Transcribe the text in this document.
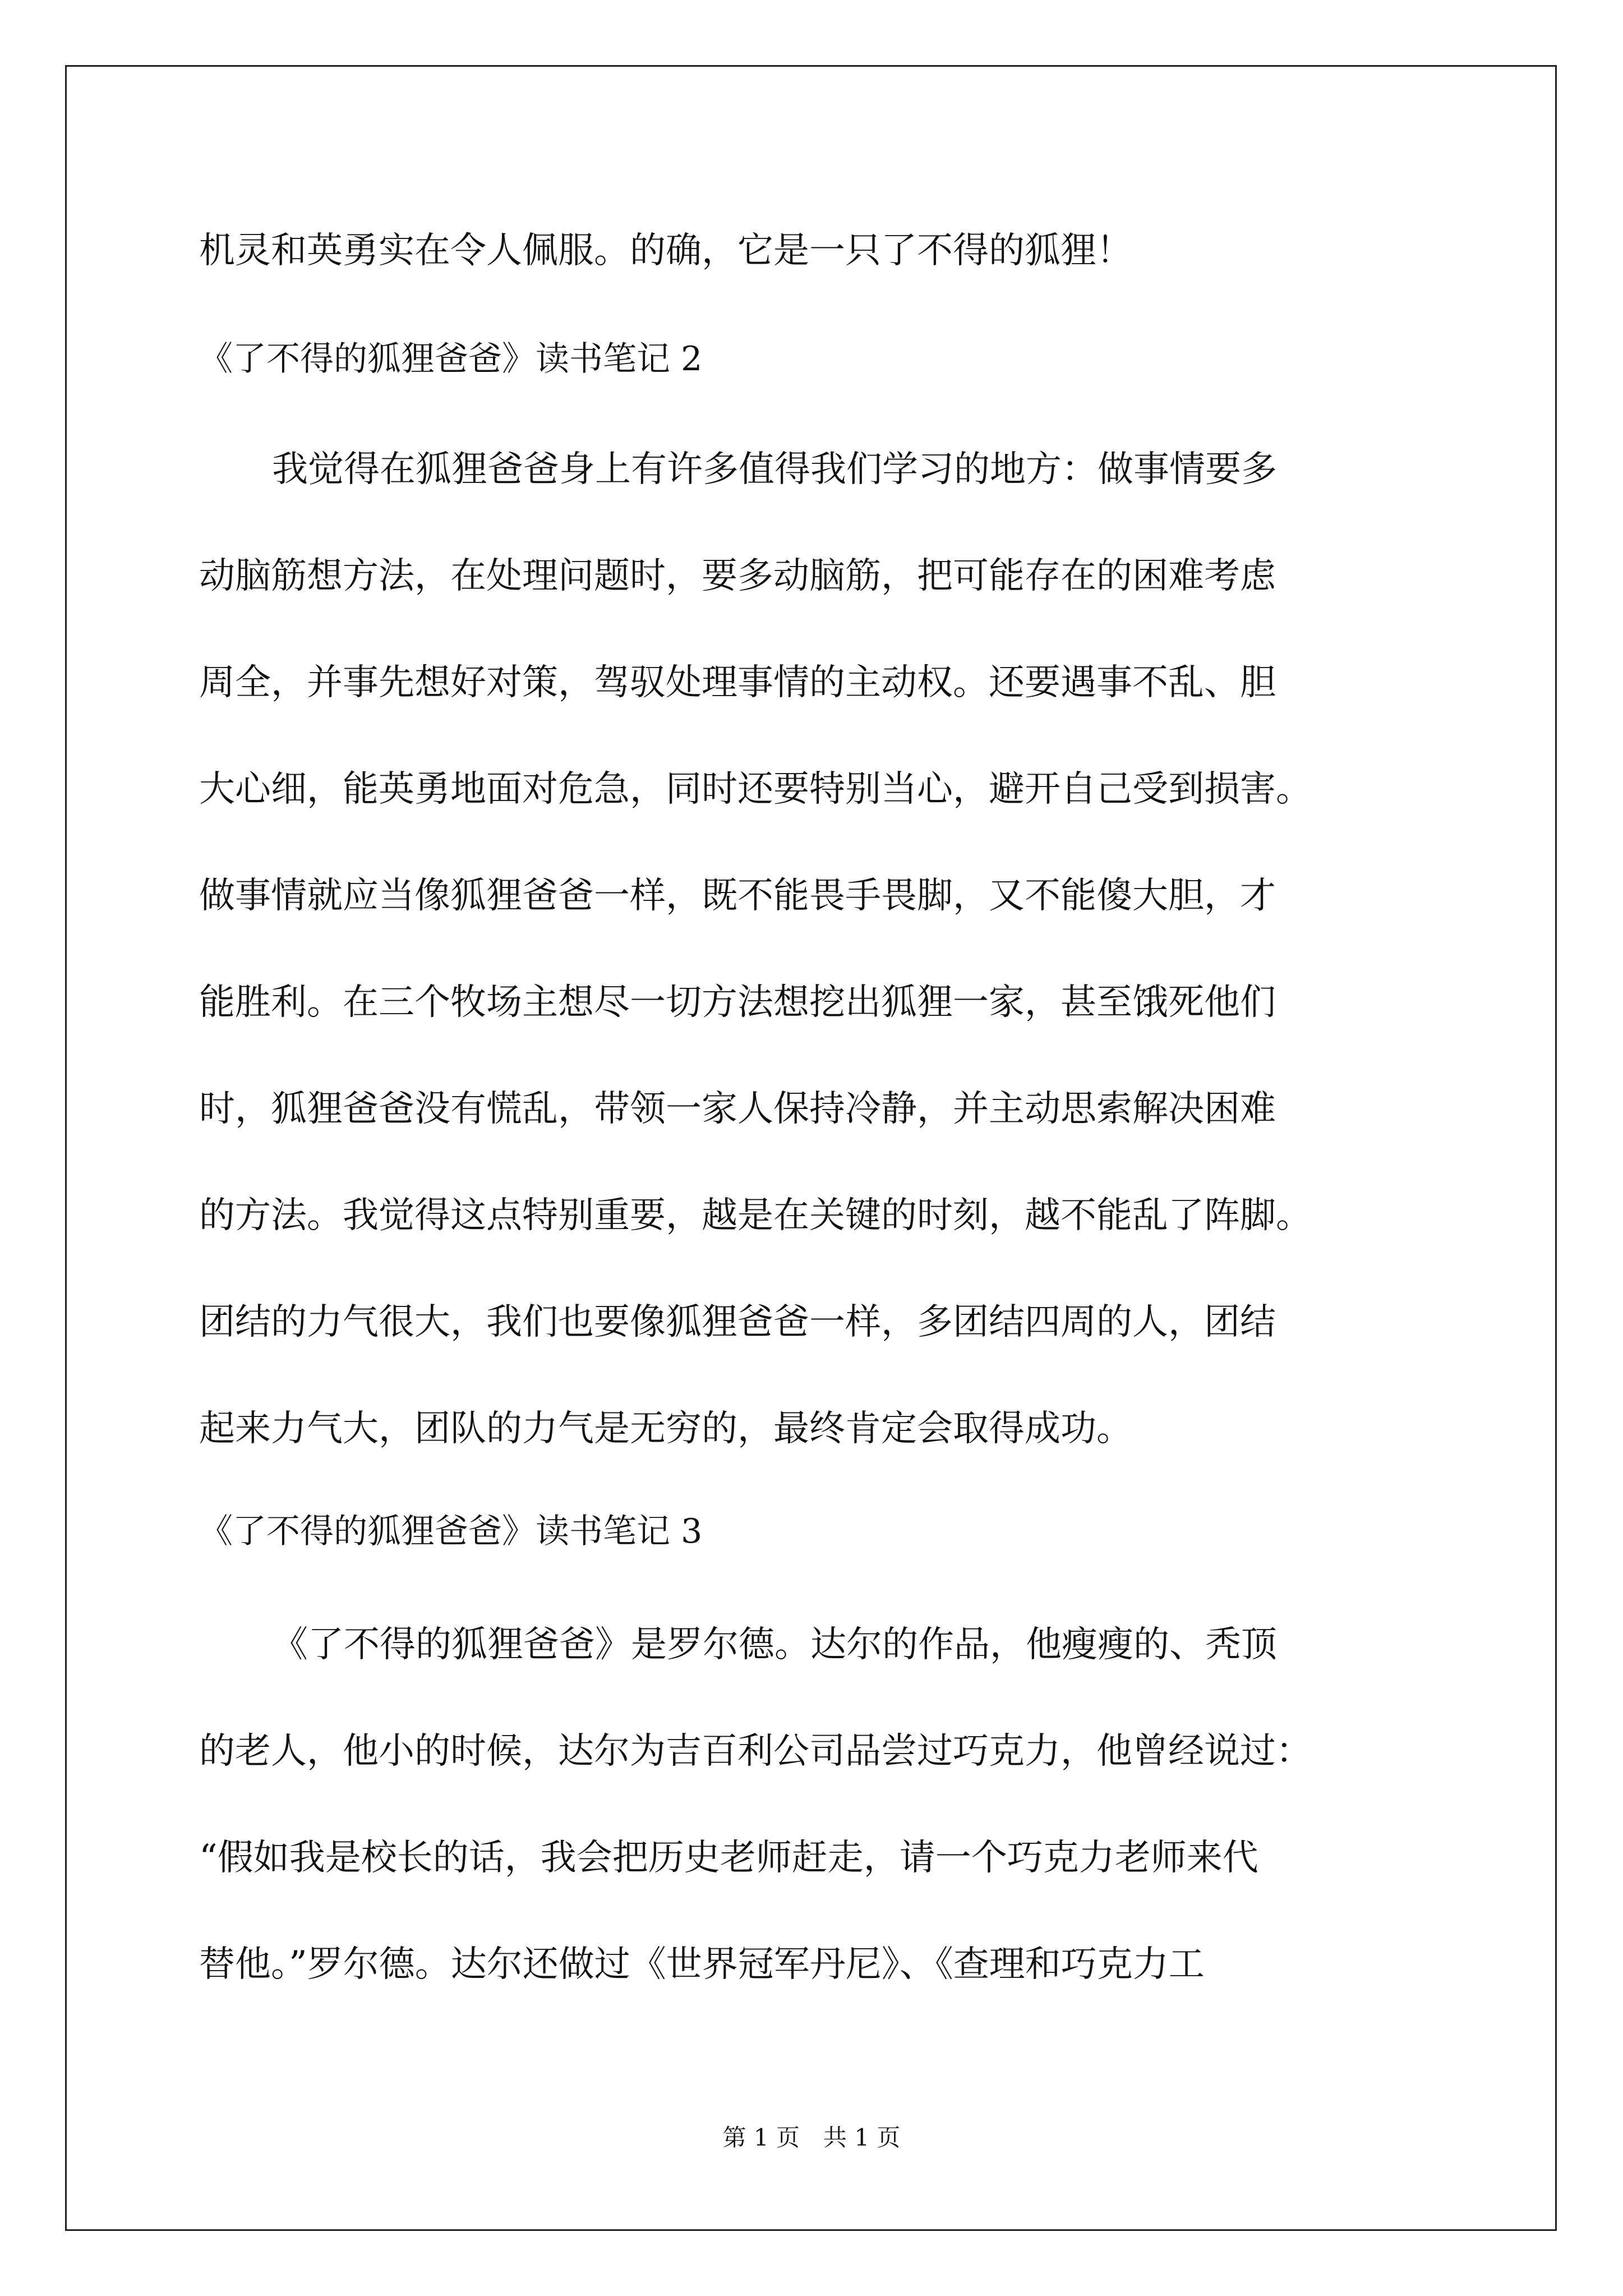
机灵和英勇实在令人佩服。的确，它是一只了不得的狐狸！
《了不得的狐狸爸爸》读书笔记 2
我觉得在狐狸爸爸身上有许多值得我们学习的地方：做事情要多
动脑筋想方法，在处理问题时，要多动脑筋，把可能存在的困难考虑
周全，并事先想好对策，驾驭处理事情的主动权。还要遇事不乱、胆
大心细，能英勇地面对危急，同时还要特别当心，避开自己受到损害。
做事情就应当像狐狸爸爸一样，既不能畏手畏脚，又不能傻大胆，才
能胜利。在三个牧场主想尽一切方法想挖出狐狸一家，甚至饿死他们
时，狐狸爸爸没有慌乱，带领一家人保持冷静，并主动思索解决困难
的方法。我觉得这点特别重要，越是在关键的时刻，越不能乱了阵脚。
团结的力气很大，我们也要像狐狸爸爸一样，多团结四周的人，团结
起来力气大，团队的力气是无穷的，最终肯定会取得成功。
《了不得的狐狸爸爸》读书笔记 3
《了不得的狐狸爸爸》是罗尔德。达尔的作品，他瘦瘦的、秃顶
的老人，他小的时候，达尔为吉百利公司品尝过巧克力，他曾经说过：
“假如我是校长的话，我会把历史老师赶走，请一个巧克力老师来代
替他。”罗尔德。达尔还做过《世界冠军丹尼》、《查理和巧克力工
第 1 页　共 1 页
